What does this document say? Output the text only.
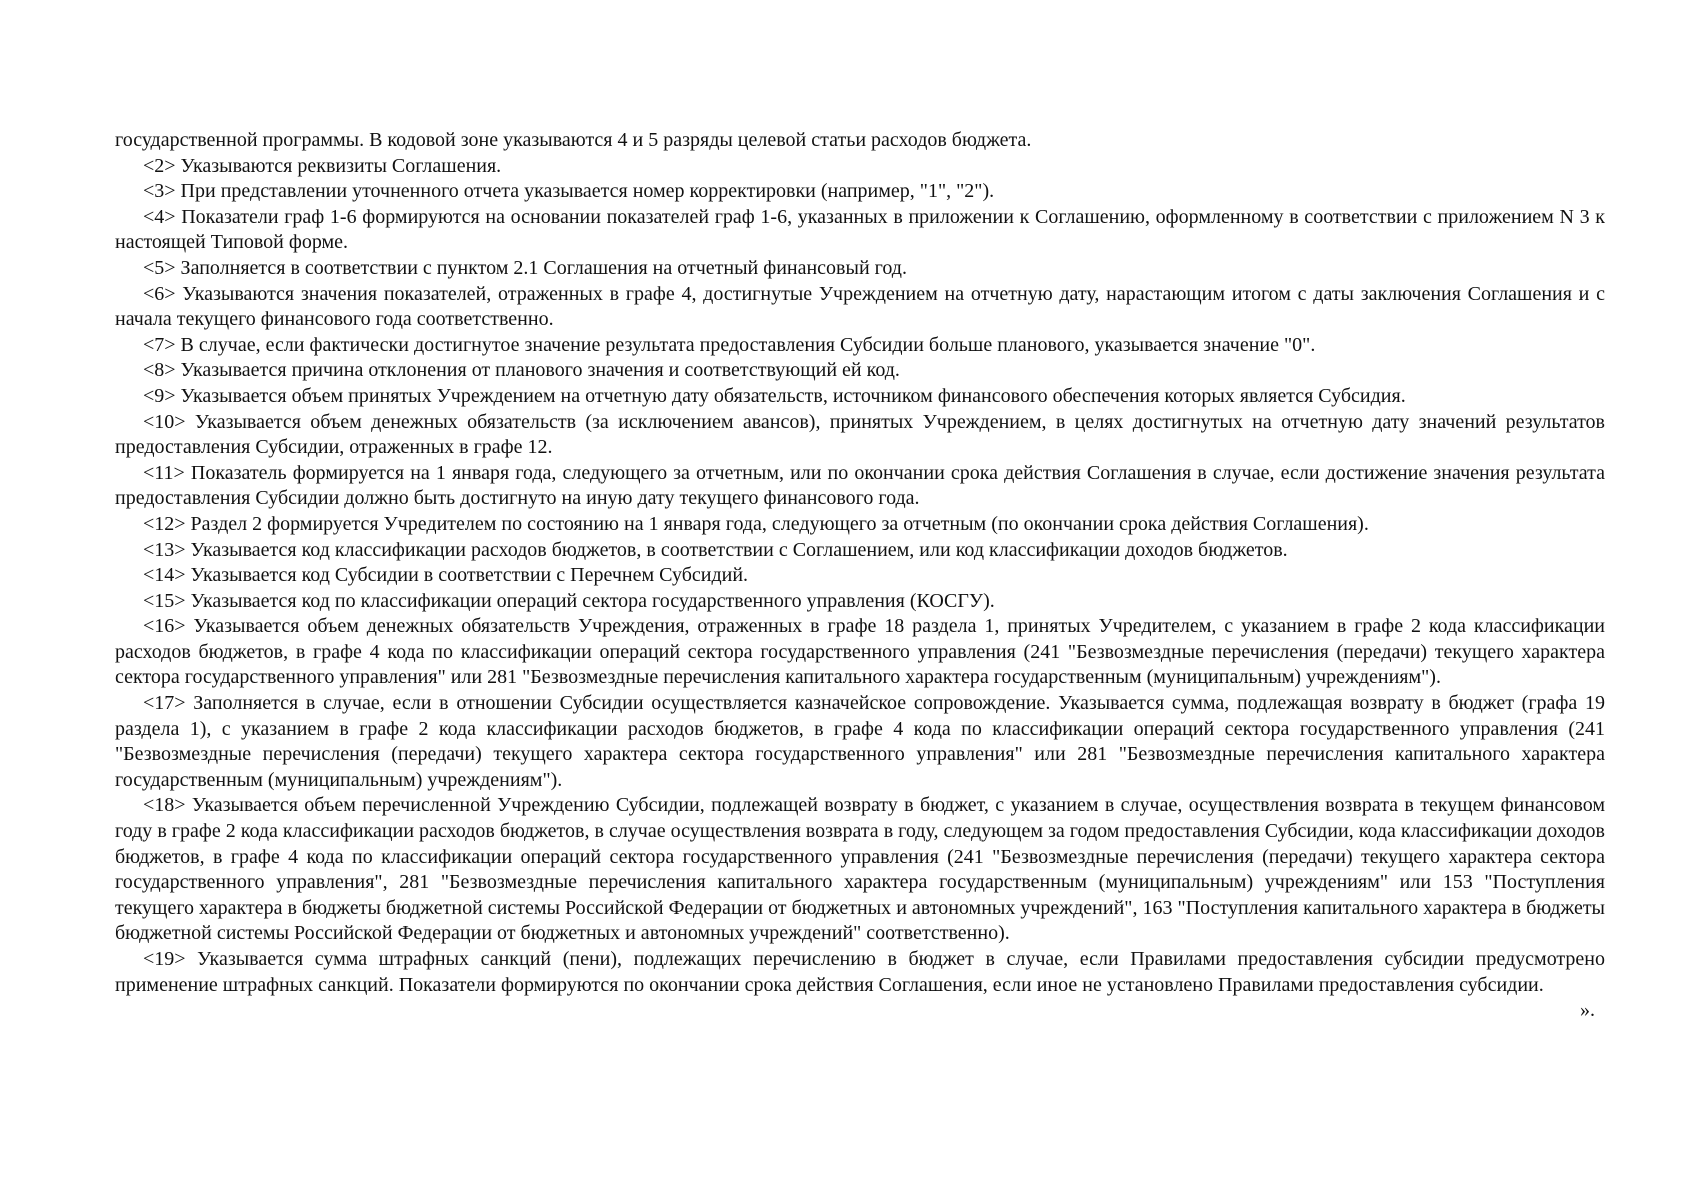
государственной программы. В кодовой зоне указываются 4 и 5 разряды целевой статьи расходов бюджета.

<2> Указываются реквизиты Соглашения.

<3> При представлении уточненного отчета указывается номер корректировки (например, "1", "2").

<4> Показатели граф 1-6 формируются на основании показателей граф 1-6, указанных в приложении к Соглашению, оформленному в соответствии с приложением N 3 к настоящей Типовой форме.

<5> Заполняется в соответствии с пунктом 2.1 Соглашения на отчетный финансовый год.

<6> Указываются значения показателей, отраженных в графе 4, достигнутые Учреждением на отчетную дату, нарастающим итогом с даты заключения Соглашения и с начала текущего финансового года соответственно.

<7> В случае, если фактически достигнутое значение результата предоставления Субсидии больше планового, указывается значение "0".

<8> Указывается причина отклонения от планового значения и соответствующий ей код.

<9> Указывается объем принятых Учреждением на отчетную дату обязательств, источником финансового обеспечения которых является Субсидия.

<10> Указывается объем денежных обязательств (за исключением авансов), принятых Учреждением, в целях достигнутых на отчетную дату значений результатов предоставления Субсидии, отраженных в графе 12.

<11> Показатель формируется на 1 января года, следующего за отчетным, или по окончании срока действия Соглашения в случае, если достижение значения результата предоставления Субсидии должно быть достигнуто на иную дату текущего финансового года.

<12> Раздел 2 формируется Учредителем по состоянию на 1 января года, следующего за отчетным (по окончании срока действия Соглашения).

<13> Указывается код классификации расходов бюджетов, в соответствии с Соглашением, или код классификации доходов бюджетов.

<14> Указывается код Субсидии в соответствии с Перечнем Субсидий.

<15> Указывается код по классификации операций сектора государственного управления (КОСГУ).

<16> Указывается объем денежных обязательств Учреждения, отраженных в графе 18 раздела 1, принятых Учредителем, с указанием в графе 2 кода классификации расходов бюджетов, в графе 4 кода по классификации операций сектора государственного управления (241 "Безвозмездные перечисления (передачи) текущего характера сектора государственного управления" или 281 "Безвозмездные перечисления капитального характера государственным (муниципальным) учреждениям").

<17> Заполняется в случае, если в отношении Субсидии осуществляется казначейское сопровождение. Указывается сумма, подлежащая возврату в бюджет (графа 19 раздела 1), с указанием в графе 2 кода классификации расходов бюджетов, в графе 4 кода по классификации операций сектора государственного управления (241 "Безвозмездные перечисления (передачи) текущего характера сектора государственного управления" или 281 "Безвозмездные перечисления капитального характера государственным (муниципальным) учреждениям").

<18> Указывается объем перечисленной Учреждению Субсидии, подлежащей возврату в бюджет, с указанием в случае, осуществления возврата в текущем финансовом году в графе 2 кода классификации расходов бюджетов, в случае осуществления возврата в году, следующем за годом предоставления Субсидии, кода классификации доходов бюджетов, в графе 4 кода по классификации операций сектора государственного управления (241 "Безвозмездные перечисления (передачи) текущего характера сектора государственного управления", 281 "Безвозмездные перечисления капитального характера государственным (муниципальным) учреждениям" или 153 "Поступления текущего характера в бюджеты бюджетной системы Российской Федерации от бюджетных и автономных учреждений", 163 "Поступления капитального характера в бюджеты бюджетной системы Российской Федерации от бюджетных и автономных учреждений" соответственно).

<19> Указывается сумма штрафных санкций (пени), подлежащих перечислению в бюджет в случае, если Правилами предоставления субсидии предусмотрено применение штрафных санкций. Показатели формируются по окончании срока действия Соглашения, если иное не установлено Правилами предоставления субсидии.

».
